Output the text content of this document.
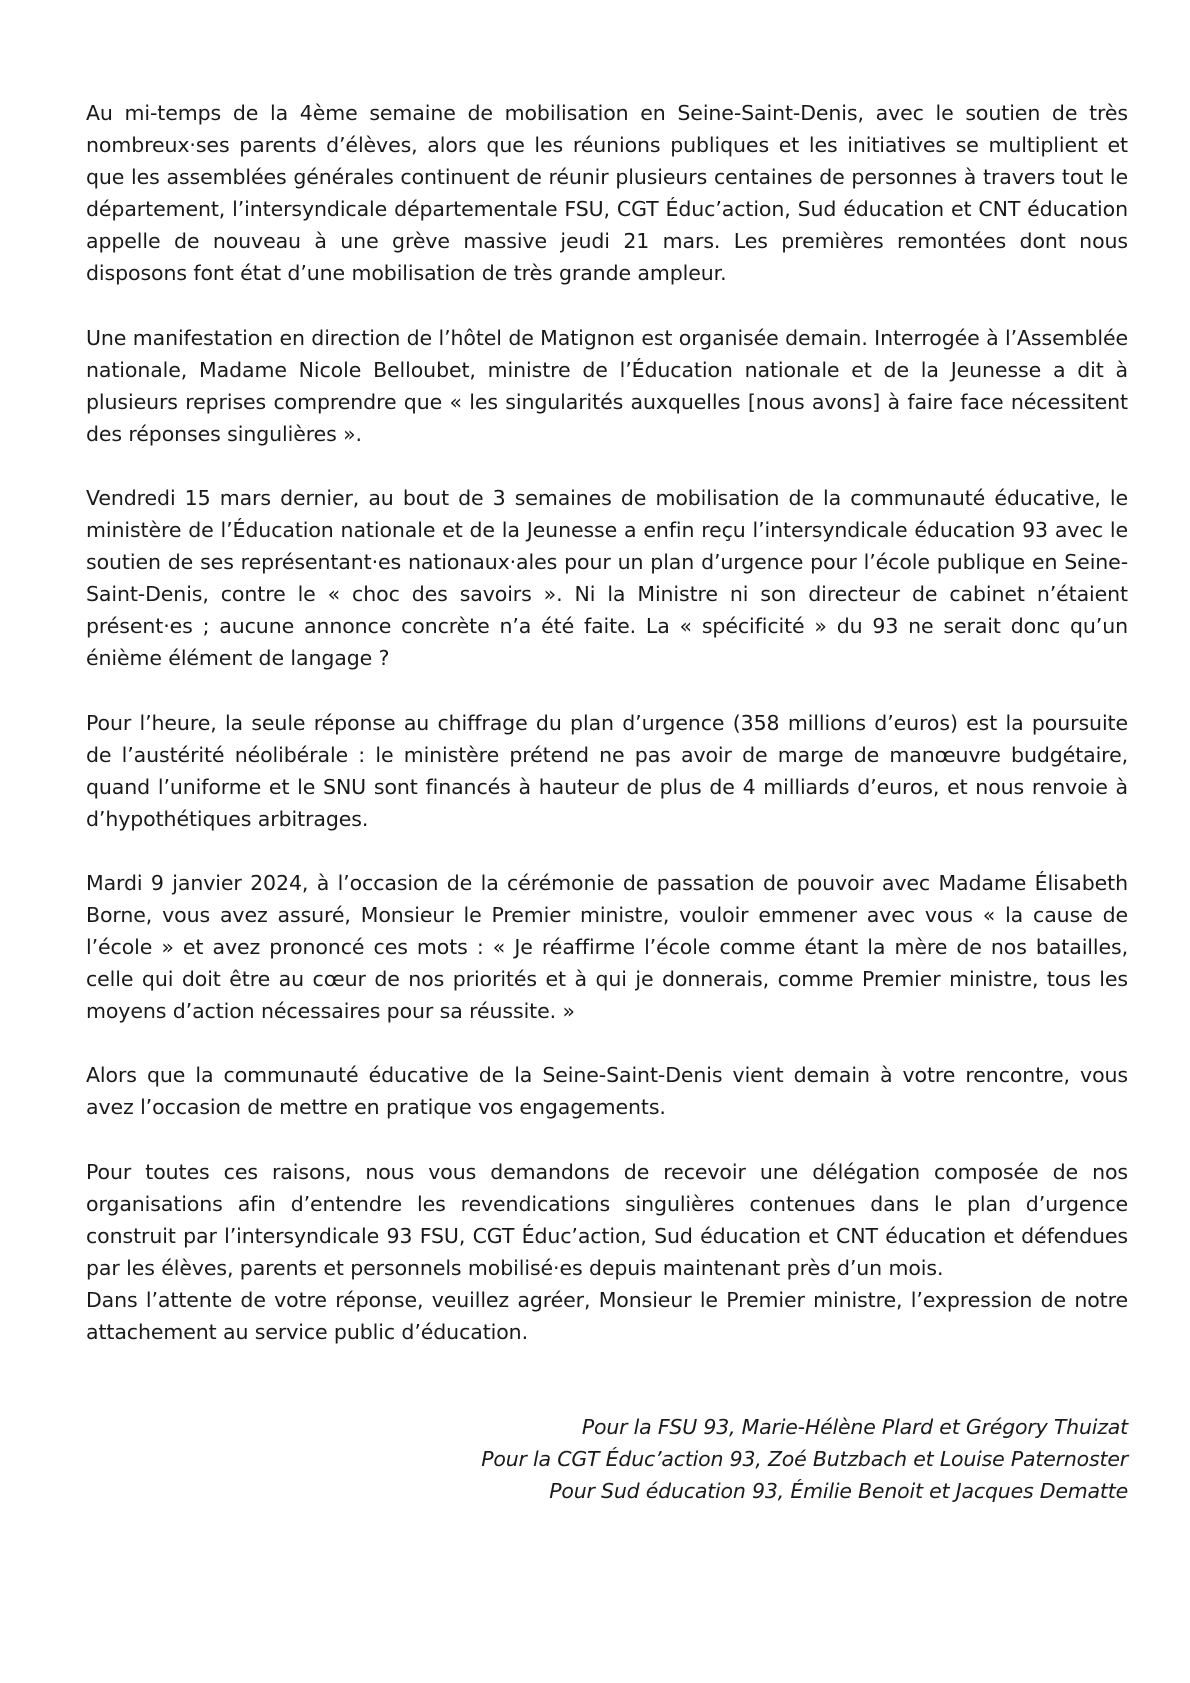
Au mi-temps de la 4ème semaine de mobilisation en Seine-Saint-Denis, avec le soutien de très nombreux·ses parents d’élèves, alors que les réunions publiques et les initiatives se multiplient et que les assemblées générales continuent de réunir plusieurs centaines de personnes à travers tout le département, l’intersyndicale départementale FSU, CGT Éduc’action, Sud éducation et CNT éducation appelle de nouveau à une grève massive jeudi 21 mars. Les premières remontées dont nous disposons font état d’une mobilisation de très grande ampleur.

Une manifestation en direction de l’hôtel de Matignon est organisée demain. Interrogée à l’Assemblée nationale, Madame Nicole Belloubet, ministre de l’Éducation nationale et de la Jeunesse a dit à plusieurs reprises comprendre que « les singularités auxquelles [nous avons] à faire face nécessitent des réponses singulières ».

Vendredi 15 mars dernier, au bout de 3 semaines de mobilisation de la communauté éducative, le ministère de l’Éducation nationale et de la Jeunesse a enfin reçu l’intersyndicale éducation 93 avec le soutien de ses représentant·es nationaux·ales pour un plan d’urgence pour l’école publique en Seine-Saint-Denis, contre le « choc des savoirs ». Ni la Ministre ni son directeur de cabinet n’étaient présent·es ; aucune annonce concrète n’a été faite. La « spécificité » du 93 ne serait donc qu’un énième élément de langage ?

Pour l’heure, la seule réponse au chiffrage du plan d’urgence (358 millions d’euros) est la poursuite de l’austérité néolibérale : le ministère prétend ne pas avoir de marge de manœuvre budgétaire, quand l’uniforme et le SNU sont financés à hauteur de plus de 4 milliards d’euros, et nous renvoie à d’hypothétiques arbitrages.

Mardi 9 janvier 2024, à l’occasion de la cérémonie de passation de pouvoir avec Madame Élisabeth Borne, vous avez assuré, Monsieur le Premier ministre, vouloir emmener avec vous « la cause de l’école » et avez prononcé ces mots : « Je réaffirme l’école comme étant la mère de nos batailles, celle qui doit être au cœur de nos priorités et à qui je donnerais, comme Premier ministre, tous les moyens d’action nécessaires pour sa réussite. »

Alors que la communauté éducative de la Seine-Saint-Denis vient demain à votre rencontre, vous avez l’occasion de mettre en pratique vos engagements.

Pour toutes ces raisons, nous vous demandons de recevoir une délégation composée de nos organisations afin d’entendre les revendications singulières contenues dans le plan d’urgence construit par l’intersyndicale 93 FSU, CGT Éduc’action, Sud éducation et CNT éducation et défendues par les élèves, parents et personnels mobilisé·es depuis maintenant près d’un mois.

Dans l’attente de votre réponse, veuillez agréer, Monsieur le Premier ministre, l’expression de notre attachement au service public d’éducation.

Pour la FSU 93, Marie-Hélène Plard et Grégory Thuizat
Pour la CGT Éduc’action 93, Zoé Butzbach et Louise Paternoster
Pour Sud éducation 93, Émilie Benoit et Jacques Dematte
